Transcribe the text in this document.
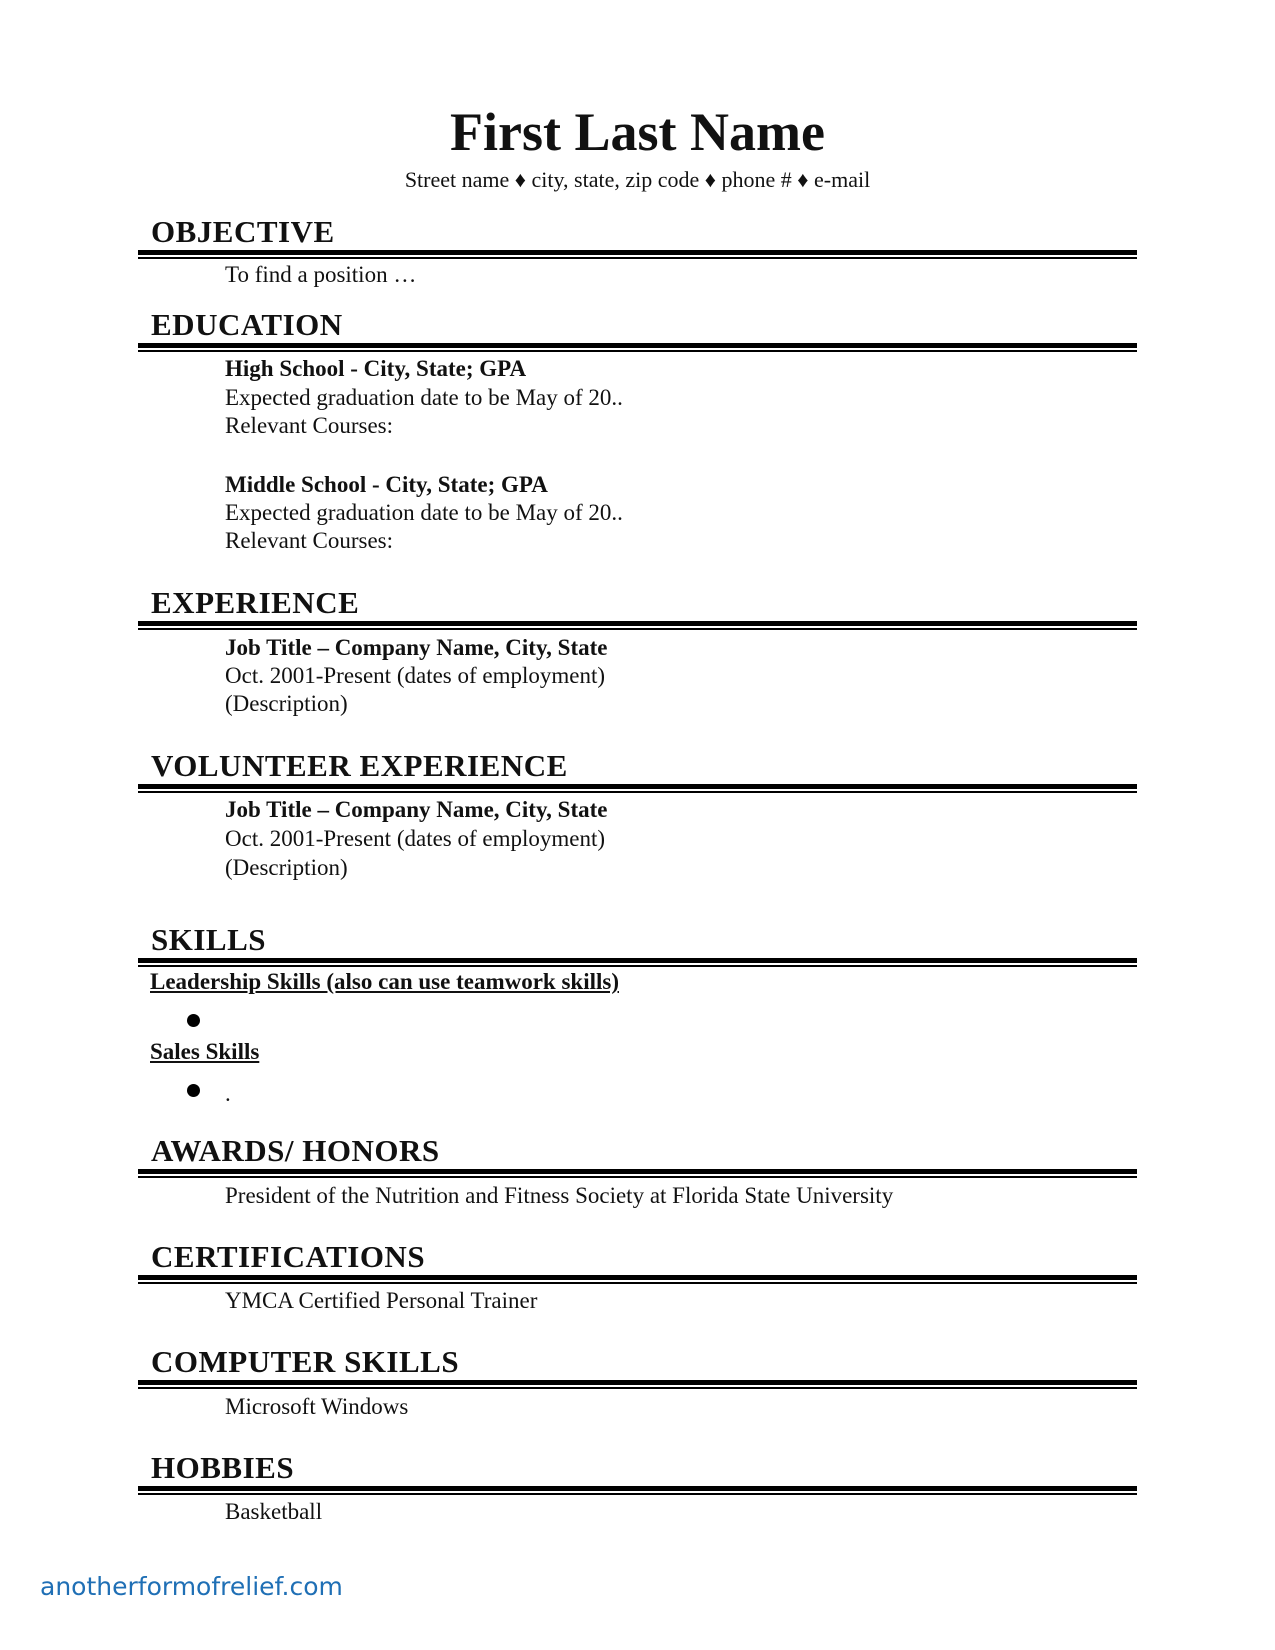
First Last Name
Street name ♦ city, state, zip code ♦ phone # ♦ e-mail
OBJECTIVE
To find a position …
EDUCATION
High School - City, State; GPA
Expected graduation date to be May of 20..
Relevant Courses:
Middle School - City, State; GPA
Expected graduation date to be May of 20..
Relevant Courses:
EXPERIENCE
Job Title – Company Name, City, State
Oct. 2001-Present (dates of employment)
(Description)
VOLUNTEER EXPERIENCE
Job Title – Company Name, City, State
Oct. 2001-Present (dates of employment)
(Description)
SKILLS
Leadership Skills (also can use teamwork skills)
Sales Skills
.
AWARDS/ HONORS
President of the Nutrition and Fitness Society at Florida State University
CERTIFICATIONS
YMCA Certified Personal Trainer
COMPUTER SKILLS
Microsoft Windows
HOBBIES
Basketball
anotherformofrelief.com
